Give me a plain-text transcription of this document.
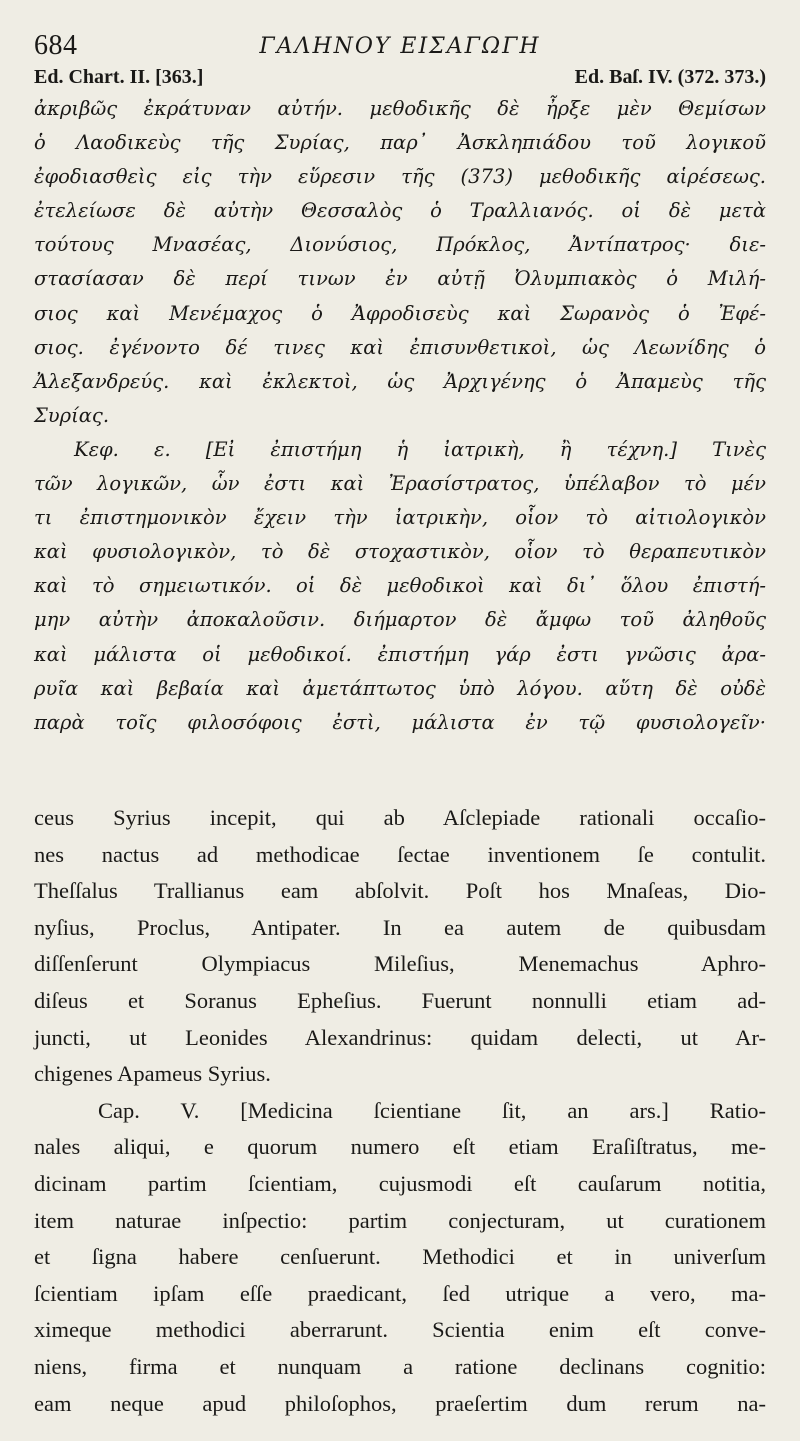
684	ΓΑΛΗΝΟΥ ΕΙΣΑΓΩΓΗ
Ed. Chart. II. [363.]	Ed. Baſ. IV. (372. 373.)
ἀκριβῶς ἐκράτυναν αὐτήν. μεθοδικῆς δὲ ἦρξε μὲν Θεμίσων
ὁ Λαοδικεὺς τῆς Συρίας, παρ᾽ Ἀσκληπιάδου τοῦ λογικοῦ
ἐφοδιασθεὶς εἰς τὴν εὕρεσιν τῆς (373) μεθοδικῆς αἱρέσεως.
ἐτελείωσε δὲ αὐτὴν Θεσσαλὸς ὁ Τραλλιανός. οἱ δὲ μετὰ
τούτους Μνασέας, Διονύσιος, Πρόκλος, Ἀντίπατρος· διε-
στασίασαν δὲ περί τινων ἐν αὐτῇ Ὀλυμπιακὸς ὁ Μιλή-
σιος καὶ Μενέμαχος ὁ Ἀφροδισεὺς καὶ Σωρανὸς ὁ Ἐφέ-
σιος. ἐγένοντο δέ τινες καὶ ἐπισυνθετικοὶ, ὡς Λεωνίδης ὁ
Ἀλεξανδρεύς. καὶ ἐκλεκτοὶ, ὡς Ἀρχιγένης ὁ Ἀπαμεὺς τῆς
Συρίας.
Κεφ. ε. [Εἰ ἐπιστήμη ἡ ἰατρικὴ, ἢ τέχνη.] Τινὲς
τῶν λογικῶν, ὧν ἐστι καὶ Ἐρασίστρατος, ὑπέλαβον τὸ μέν
τι ἐπιστημονικὸν ἔχειν τὴν ἰατρικὴν, οἷον τὸ αἰτιολογικὸν
καὶ φυσιολογικὸν, τὸ δὲ στοχαστικὸν, οἷον τὸ θεραπευτικὸν
καὶ τὸ σημειωτικόν. οἱ δὲ μεθοδικοὶ καὶ δι᾽ ὅλου ἐπιστή-
μην αὐτὴν ἀποκαλοῦσιν. διήμαρτον δὲ ἄμφω τοῦ ἀληθοῦς
καὶ μάλιστα οἱ μεθοδικοί. ἐπιστήμη γάρ ἐστι γνῶσις ἀρα-
ρυῖα καὶ βεβαία καὶ ἀμετάπτωτος ὑπὸ λόγου. αὕτη δὲ οὐδὲ
παρὰ τοῖς φιλοσόφοις ἐστὶ, μάλιστα ἐν τῷ φυσιολογεῖν·
ceus Syrius incepit, qui ab Aſclepiade rationali occaſio-
nes nactus ad methodicae ſectae inventionem ſe contulit.
Theſſalus Trallianus eam abſolvit. Poſt hos Mnaſeas, Dio-
nyſius, Proclus, Antipater. In ea autem de quibusdam
diſſenſerunt Olympiacus Mileſius, Menemachus Aphro-
diſeus et Soranus Epheſius. Fuerunt nonnulli etiam ad-
juncti, ut Leonides Alexandrinus: quidam delecti, ut Ar-
chigenes Apameus Syrius.
Cap. V. [Medicina ſcientiane ſit, an ars.] Ratio-
nales aliqui, e quorum numero eſt etiam Eraſiſtratus, me-
dicinam partim ſcientiam, cujusmodi eſt cauſarum notitia,
item naturae inſpectio: partim conjecturam, ut curationem
et ſigna habere cenſuerunt. Methodici et in univerſum
ſcientiam ipſam eſſe praedicant, ſed utrique a vero, ma-
ximeque methodici aberrarunt. Scientia enim eſt conve-
niens, firma et nunquam a ratione declinans cognitio:
eam neque apud philoſophos, praeſertim dum rerum na-
